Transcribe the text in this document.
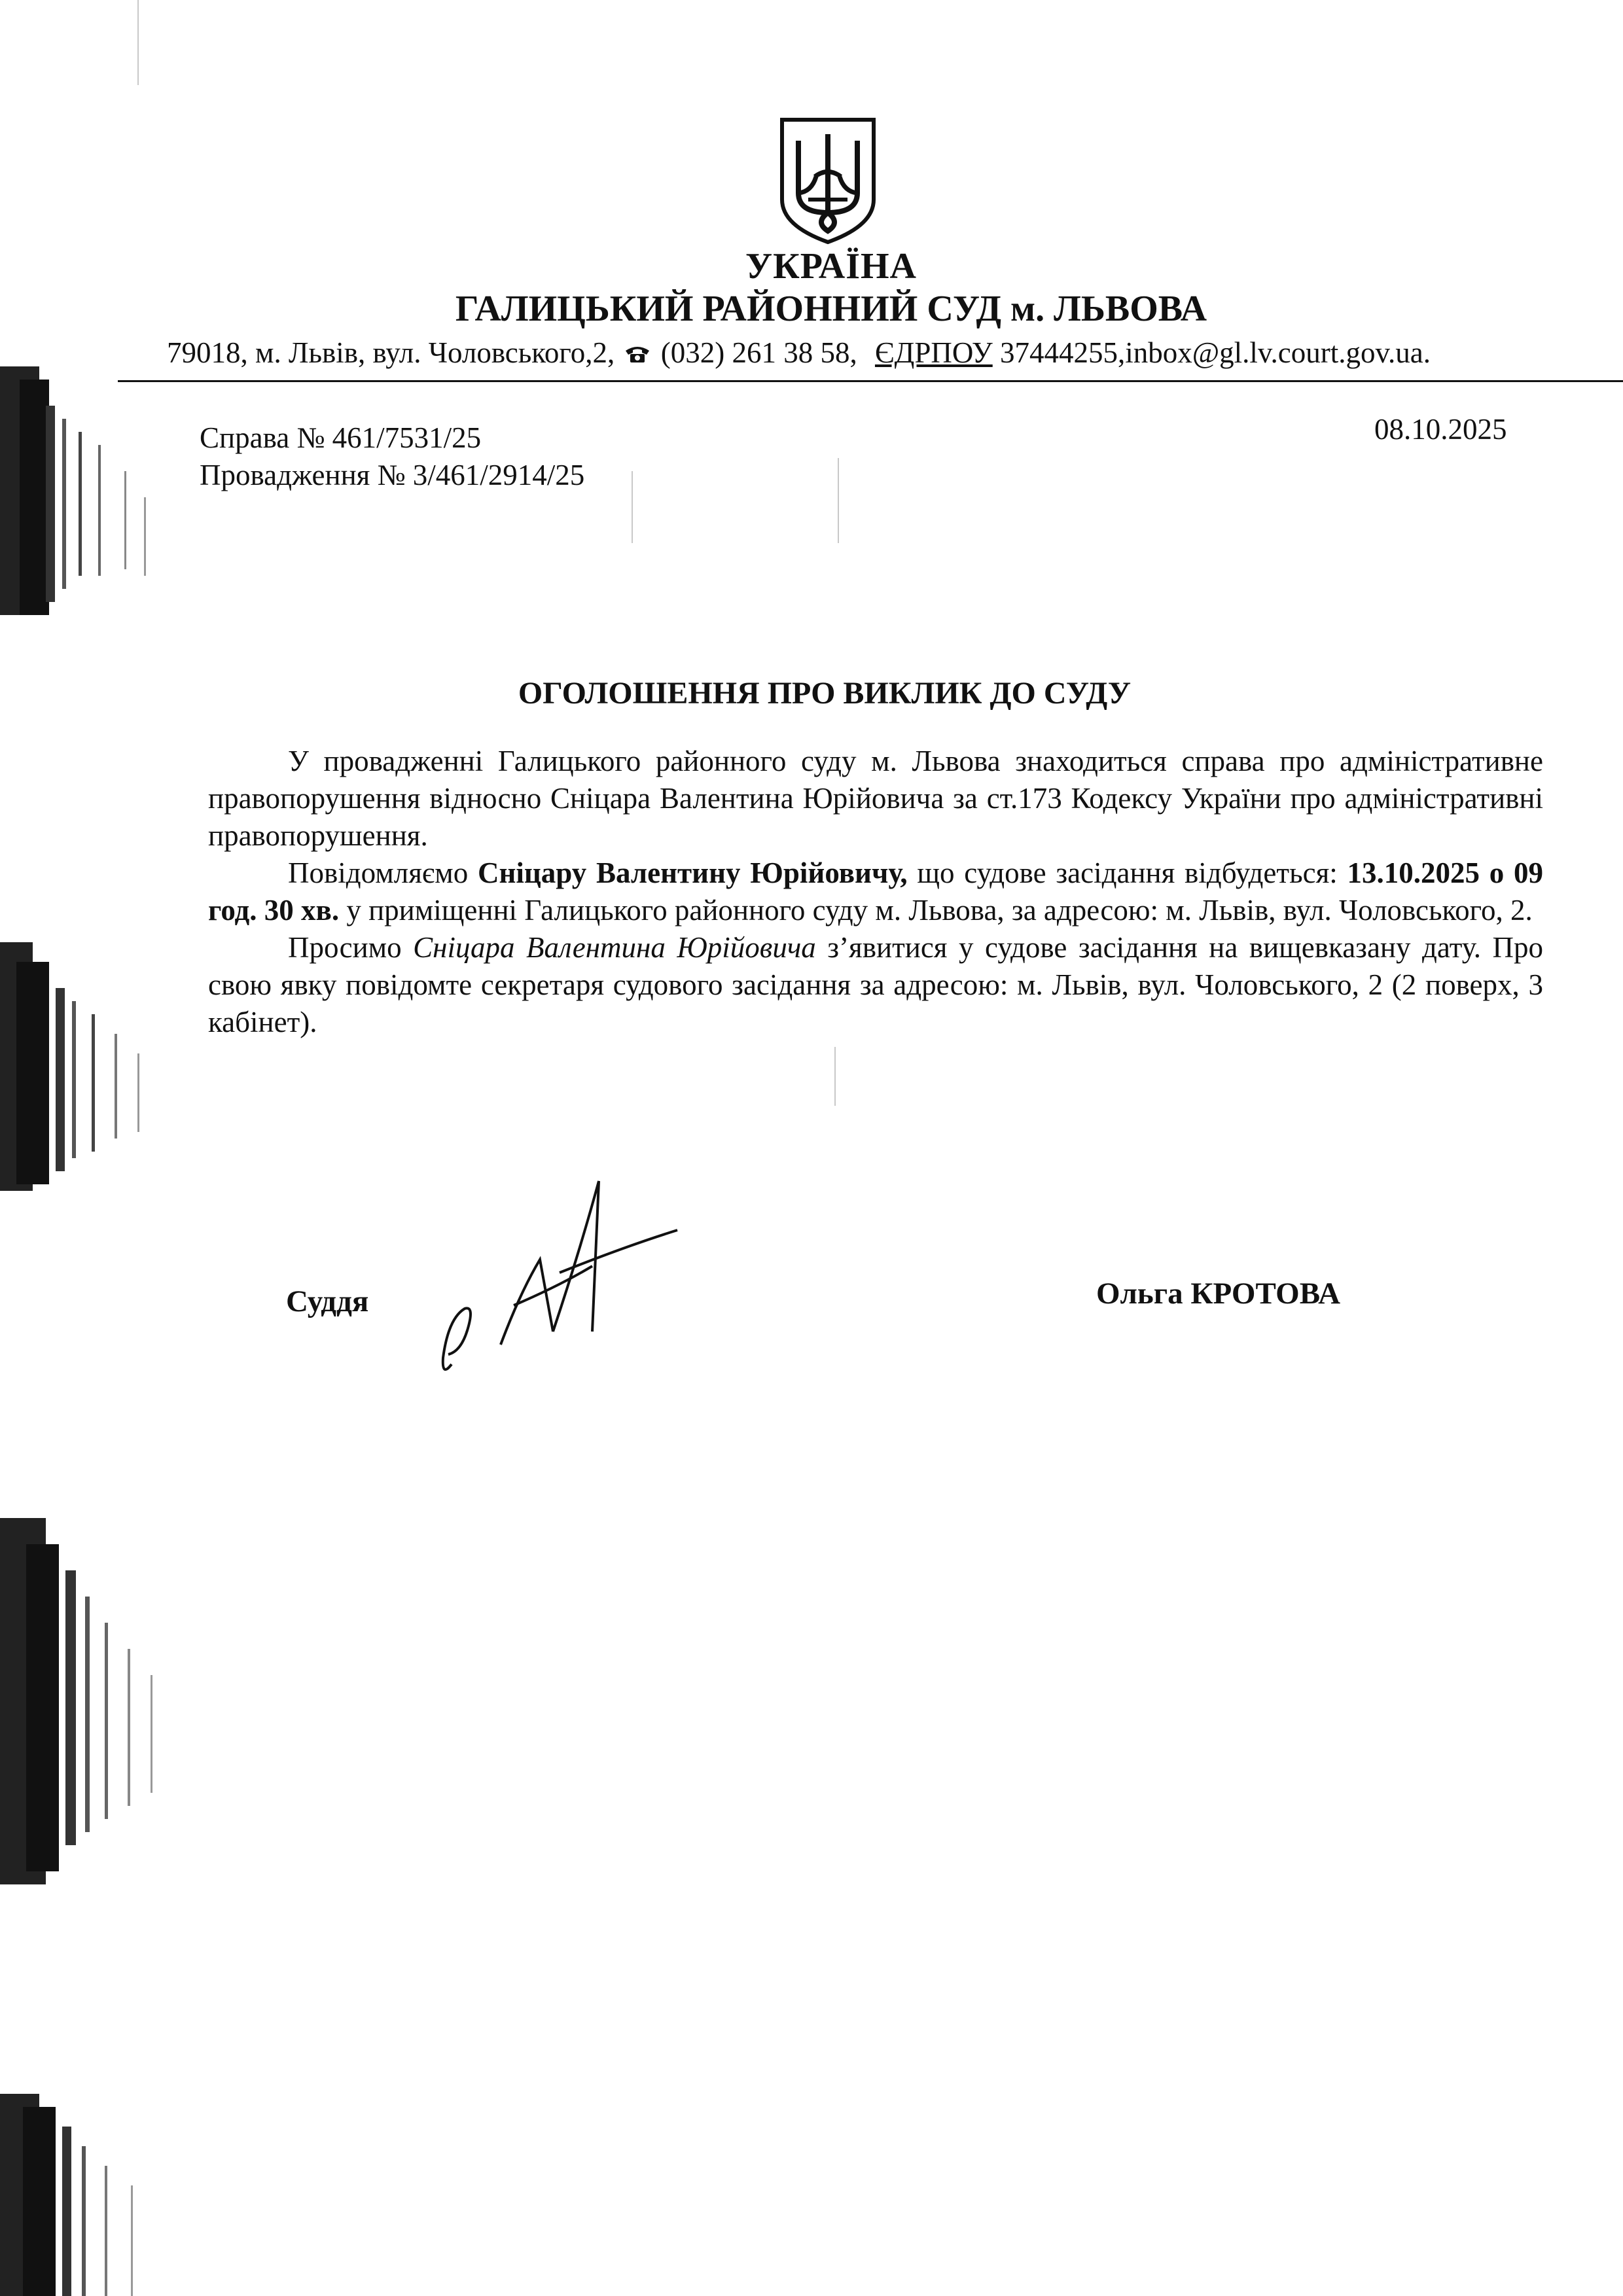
УКРАЇНА
ГАЛИЦЬКИЙ РАЙОННИЙ СУД м. ЛЬВОВА
79018, м. Львів, вул. Чоловського,2, (032) 261 38 58, ЄДРПОУ 37444255,inbox@gl.lv.court.gov.ua.
Справа № 461/7531/25
Провадження № 3/461/2914/25
08.10.2025
ОГОЛОШЕННЯ ПРО ВИКЛИК ДО СУДУ

У провадженні Галицького районного суду м. Львова знаходиться справа про адміністративне правопорушення відносно Сніцара Валентина Юрійовича за ст.173 Кодексу України про адміністративні правопорушення.

Повідомляємо Сніцару Валентину Юрійовичу, що судове засідання відбудеться: 13.10.2025 о 09 год. 30 хв. у приміщенні Галицького районного суду м. Львова, за адресою: м. Львів, вул. Чоловського, 2.

Просимо Сніцара Валентина Юрійовича з’явитися у судове засідання на вищевказану дату. Про свою явку повідомте секретаря судового засідання за адресою: м. Львів, вул. Чоловського, 2 (2 поверх, 3 кабінет).

Суддя	Ольга КРОТОВА
